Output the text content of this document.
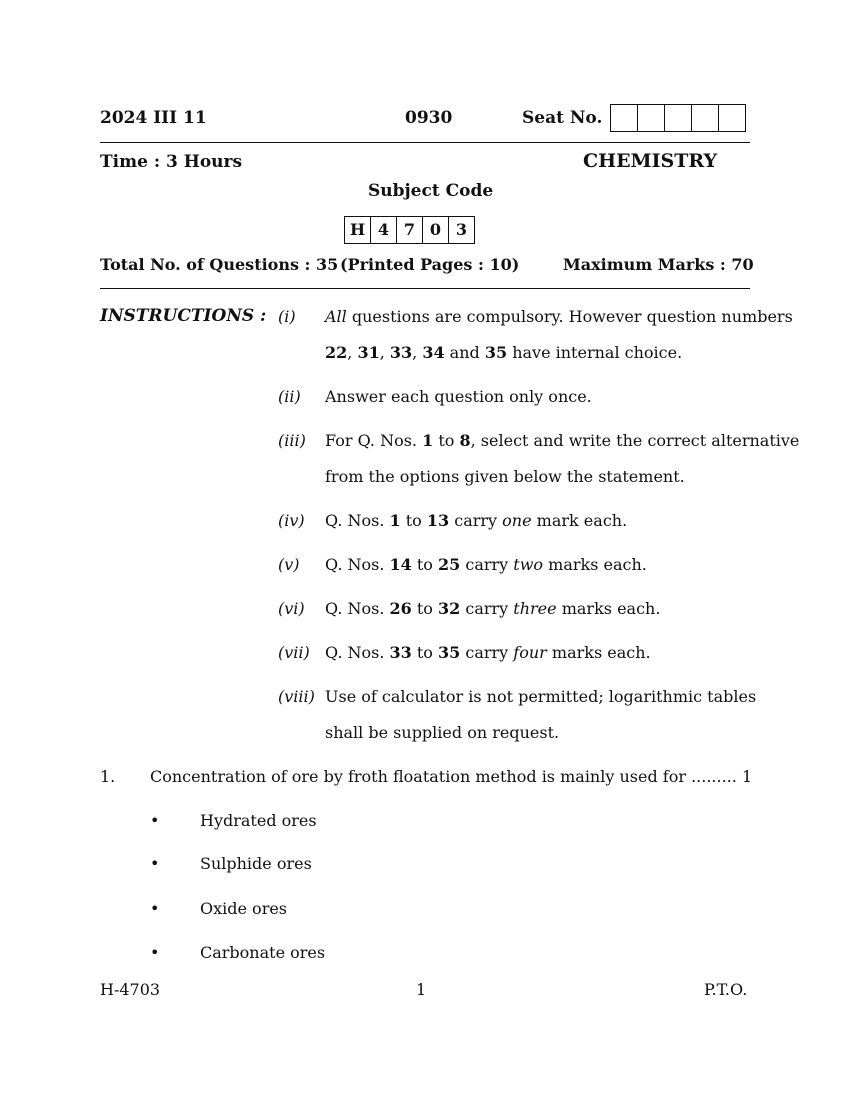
2024 III 11	0930	Seat No.
Time : 3 Hours	CHEMISTRY
Subject Code
H 4 7 0 3
Total No. of Questions : 35 (Printed Pages : 10)	Maximum Marks : 70
INSTRUCTIONS : (i) All questions are compulsory. However question numbers
22, 31, 33, 34 and 35 have internal choice.
(ii) Answer each question only once.
(iii) For Q. Nos. 1 to 8, select and write the correct alternative
from the options given below the statement.
(iv) Q. Nos. 1 to 13 carry one mark each.
(v) Q. Nos. 14 to 25 carry two marks each.
(vi) Q. Nos. 26 to 32 carry three marks each.
(vii) Q. Nos. 33 to 35 carry four marks each.
(viii) Use of calculator is not permitted; logarithmic tables
shall be supplied on request.
1. Concentration of ore by froth floatation method is mainly used for ......... 1
•	Hydrated ores
•	Sulphide ores
•	Oxide ores
•	Carbonate ores
H-4703	1	P.T.O.
